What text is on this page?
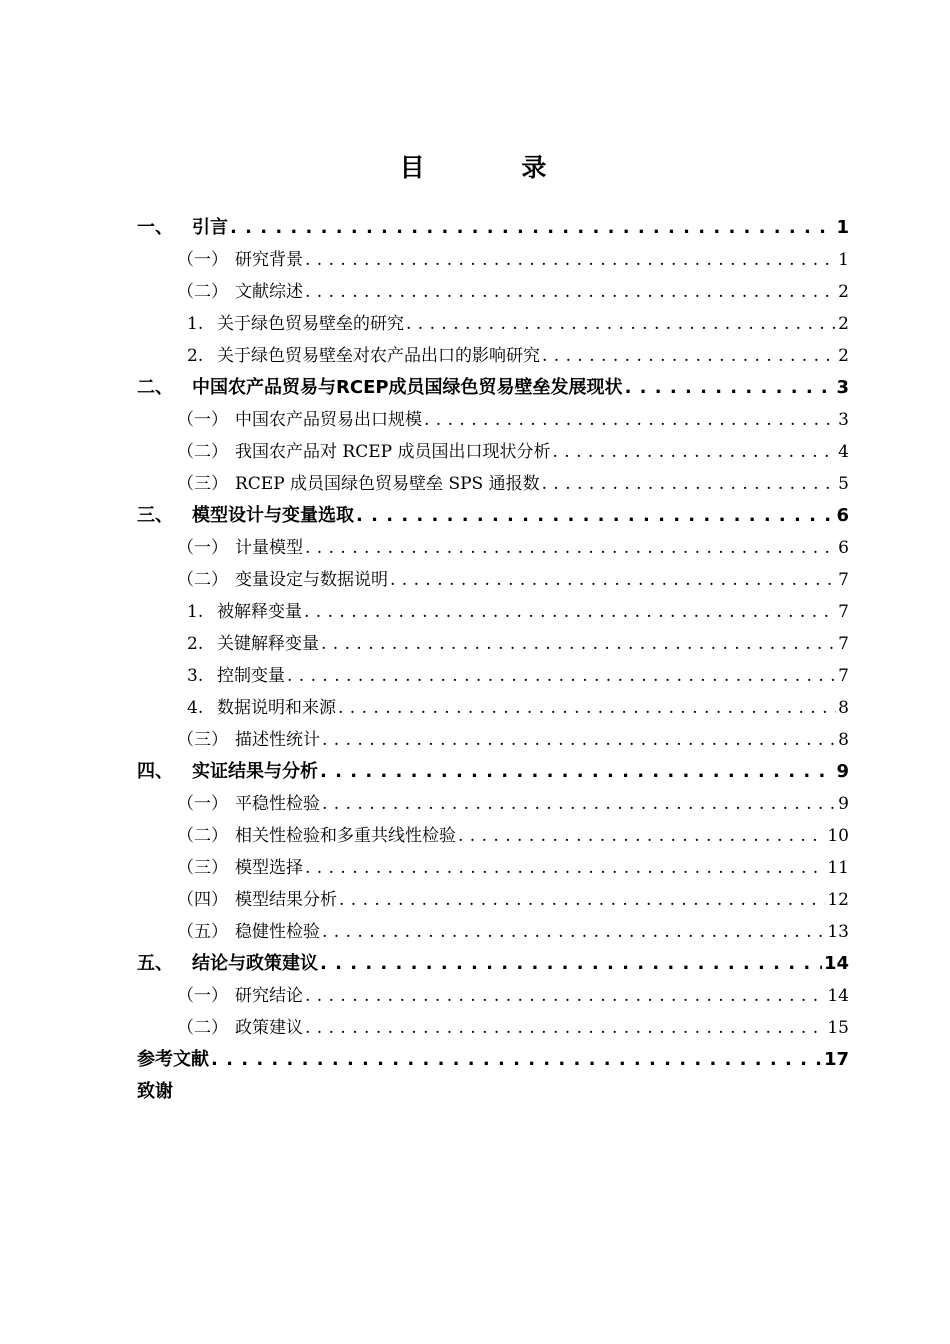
目 录
一、	引言 . . .	1
（一） 研究背景 . . .	1
（二） 文献综述 . . .	2
1. 关于绿色贸易壁垒的研究 . . .	2
2. 关于绿色贸易壁垒对农产品出口的影响研究 . . .	2
二、	中国农产品贸易与RCEP成员国绿色贸易壁垒发展现状 . . .	3
（一） 中国农产品贸易出口规模 . . .	3
（二） 我国农产品对 RCEP 成员国出口现状分析 . . .	4
（三） RCEP 成员国绿色贸易壁垒 SPS 通报数 . . .	5
三、	模型设计与变量选取 . . .	6
（一） 计量模型 . . .	6
（二） 变量设定与数据说明 . . .	7
1. 被解释变量 . . .	7
2. 关键解释变量 . . .	7
3. 控制变量 . . .	7
4. 数据说明和来源 . . .	8
（三） 描述性统计 . . .	8
四、	实证结果与分析 . . .	9
（一） 平稳性检验 . . .	9
（二） 相关性检验和多重共线性检验 . . .	10
（三） 模型选择 . . .	11
（四） 模型结果分析 . . .	12
（五） 稳健性检验 . . .	13
五、	结论与政策建议 . . .	14
（一） 研究结论 . . .	14
（二） 政策建议 . . .	15
参考文献 . . .	17
致谢
